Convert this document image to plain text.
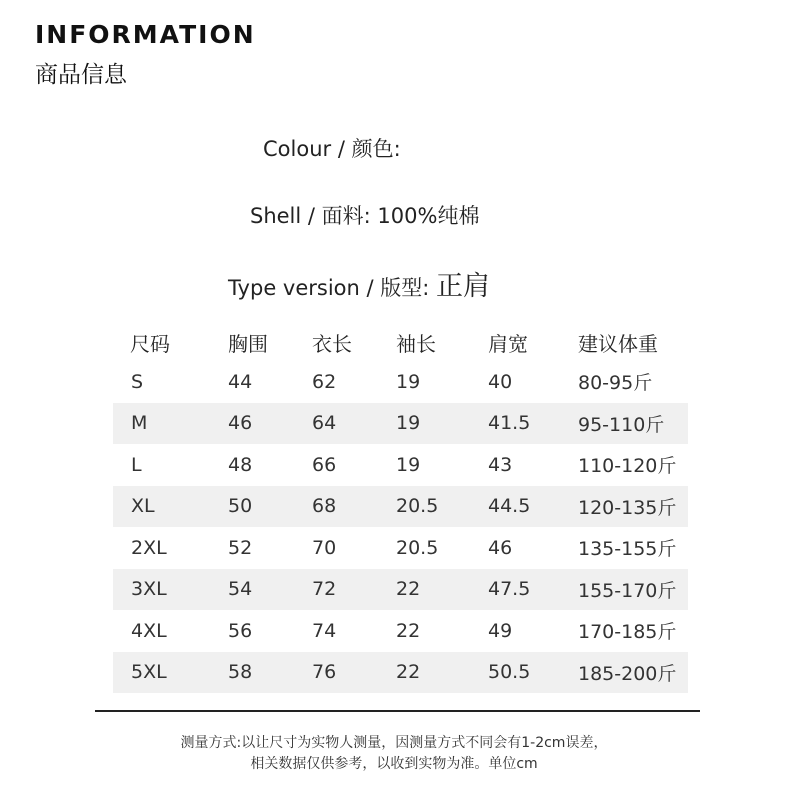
INFORMATION
商品信息
Colour / 颜色:
Shell / 面料: 100%纯棉
Type version / 版型: 正肩
尺码	胸围	衣长	袖长	肩宽	建议体重
S	44	62	19	40	80-95斤
M	46	64	19	41.5	95-110斤
L	48	66	19	43	110-120斤
XL	50	68	20.5	44.5	120-135斤
2XL	52	70	20.5	46	135-155斤
3XL	54	72	22	47.5	155-170斤
4XL	56	74	22	49	170-185斤
5XL	58	76	22	50.5	185-200斤
测量方式:以让尺寸为实物人测量，因测量方式不同会有1-2cm误差，
相关数据仅供参考，以收到实物为准。单位cm
